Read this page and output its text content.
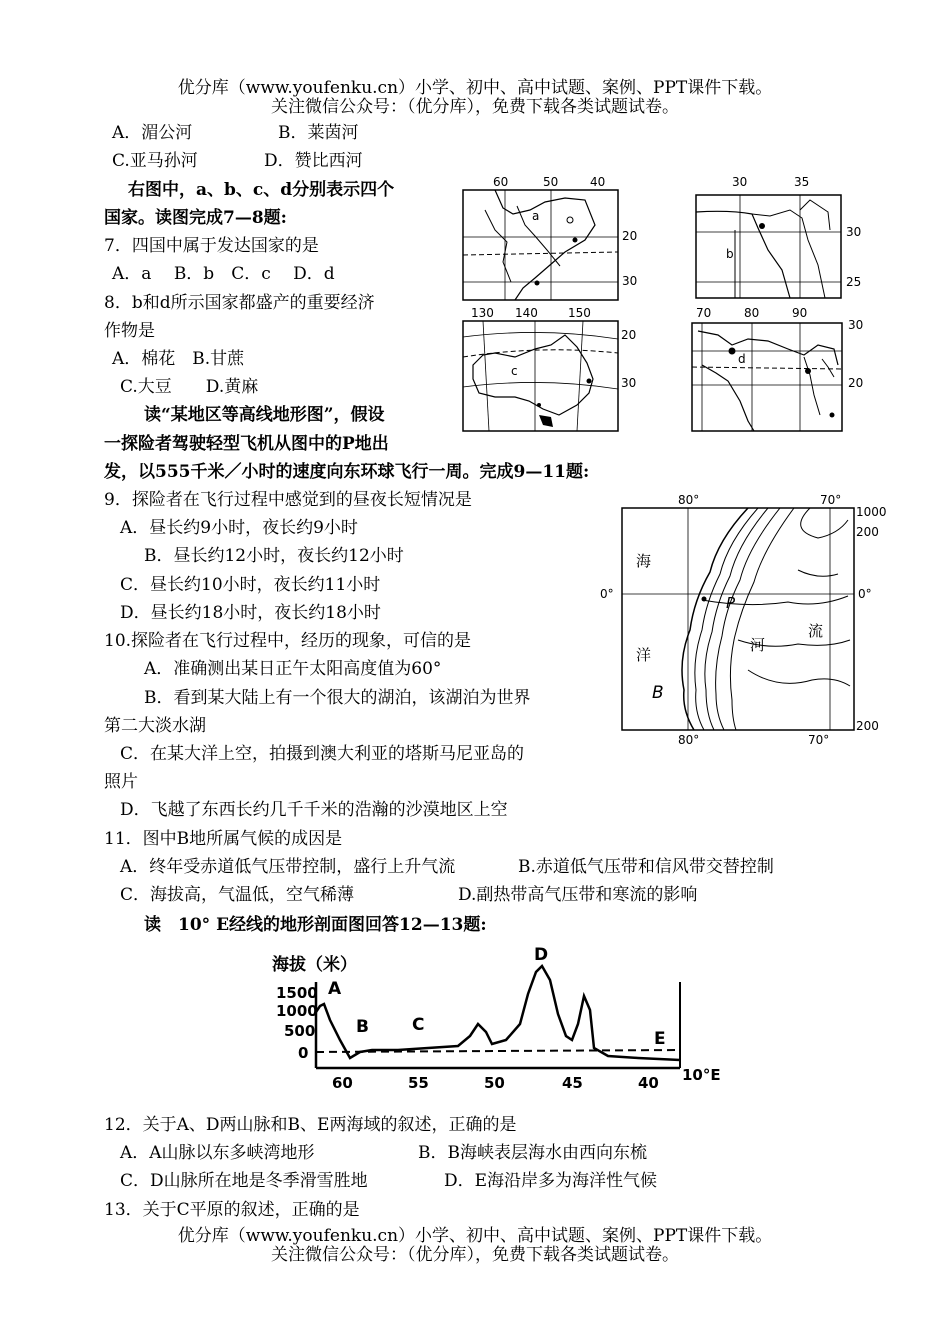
优分库（www.youfenku.cn）小学、初中、高中试题、案例、PPT课件下载。
关注微信公众号：（优分库），免费下载各类试题试卷。
A．湄公河	B．莱茵河
C.亚马孙河	D．赞比西河
右图中，a、b、c、d分别表示四个
国家。读图完成7—8题:
7．四国中属于发达国家的是
A．a　 B．b　C．c　 D．d
8．b和d所示国家都盛产的重要经济
作物是
A．棉花　B.甘蔗
C.大豆　　D.黄麻
读“某地区等高线地形图”，假设
一探险者驾驶轻型飞机从图中的P地出
发，以555千米／小时的速度向东环球飞行一周。完成9—11题:
9．探险者在飞行过程中感觉到的昼夜长短情况是
A．昼长约9小时，夜长约9小时
B．昼长约12小时，夜长约12小时
C．昼长约10小时，夜长约11小时
D．昼长约18小时，夜长约18小时
10.探险者在飞行过程中，经历的现象，可信的是
A．准确测出某日正午太阳高度值为60°
B．看到某大陆上有一个很大的湖泊，该湖泊为世界
第二大淡水湖
C．在某大洋上空，拍摄到澳大利亚的塔斯马尼亚岛的
照片
D．飞越了东西长约几千千米的浩瀚的沙漠地区上空
11．图中B地所属气候的成因是
A．终年受赤道低气压带控制，盛行上升气流	B.赤道低气压带和信风带交替控制
C．海拔高，气温低，空气稀薄	D.副热带高气压带和寒流的影响
读　10° E经线的地形剖面图回答12—13题:
12．关于A、D两山脉和B、E两海域的叙述，正确的是
A．A山脉以东多峡湾地形	B．B海峡表层海水由西向东梳
C．D山脉所在地是冬季滑雪胜地	D．E海沿岸多为海洋性气候
13．关于C平原的叙述，正确的是
优分库（www.youfenku.cn）小学、初中、高中试题、案例、PPT课件下载。
关注微信公众号：（优分库），免费下载各类试题试卷。
60	50	40
a
20
30
30	35
b
30
25
130 140	150
c
20
30
70	80	90
d
30
20
80°	70°
海
洋
河
流
P
B
0°	0°
1000
200
200
80°	70°
海拔（米）
1500
1000
500
0
A
B	C
D
E
60	55	50	45	40 10°E
